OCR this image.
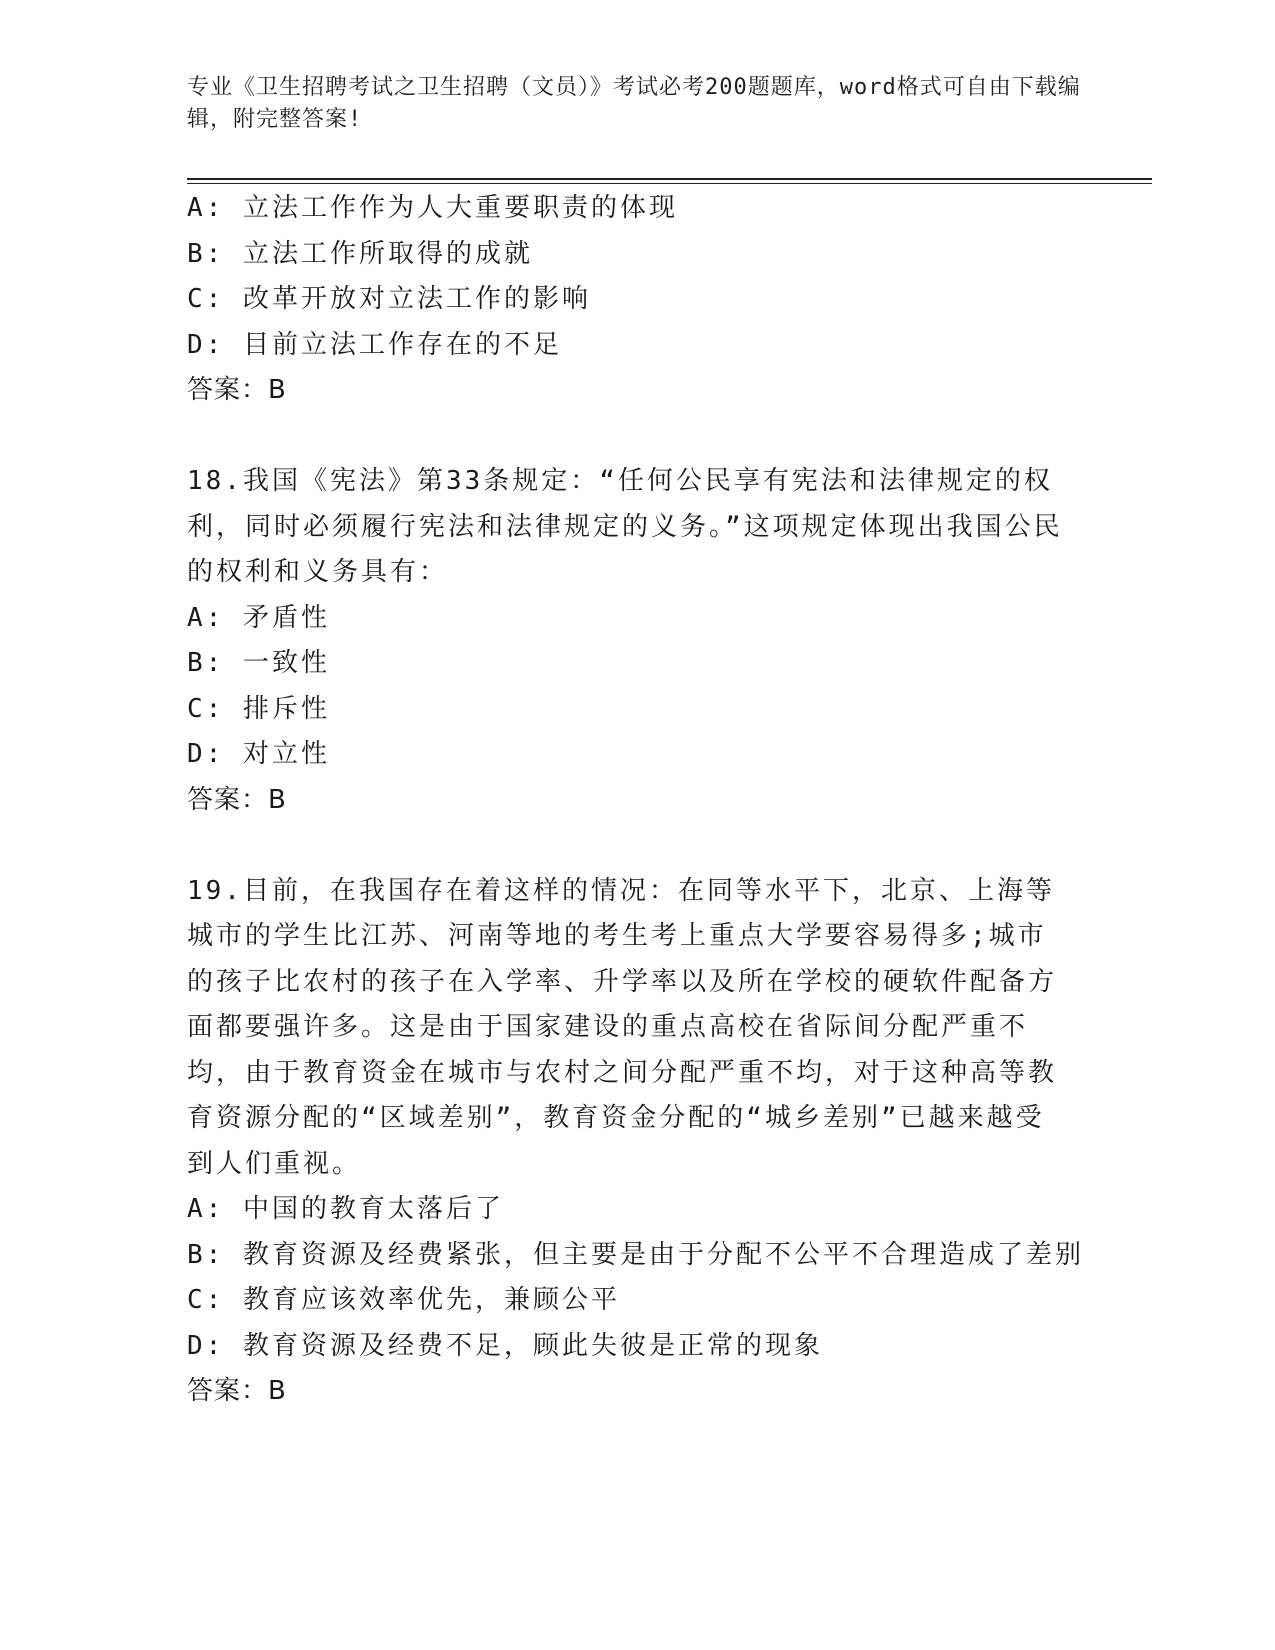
专业《卫生招聘考试之卫生招聘（文员）》考试必考200题题库，word格式可自由下载编辑，附完整答案!
A: 立法工作作为人大重要职责的体现
B: 立法工作所取得的成就
C: 改革开放对立法工作的影响
D: 目前立法工作存在的不足
答案：B
18.我国《宪法》第33条规定：“任何公民享有宪法和法律规定的权利，同时必须履行宪法和法律规定的义务。”这项规定体现出我国公民的权利和义务具有：
A: 矛盾性
B: 一致性
C: 排斥性
D: 对立性
答案：B
19.目前，在我国存在着这样的情况：在同等水平下，北京、上海等城市的学生比江苏、河南等地的考生考上重点大学要容易得多;城市的孩子比农村的孩子在入学率、升学率以及所在学校的硬软件配备方面都要强许多。这是由于国家建设的重点高校在省际间分配严重不均，由于教育资金在城市与农村之间分配严重不均，对于这种高等教育资源分配的“区域差别”，教育资金分配的“城乡差别”已越来越受到人们重视。
A: 中国的教育太落后了
B: 教育资源及经费紧张，但主要是由于分配不公平不合理造成了差别
C: 教育应该效率优先，兼顾公平
D: 教育资源及经费不足，顾此失彼是正常的现象
答案：B
